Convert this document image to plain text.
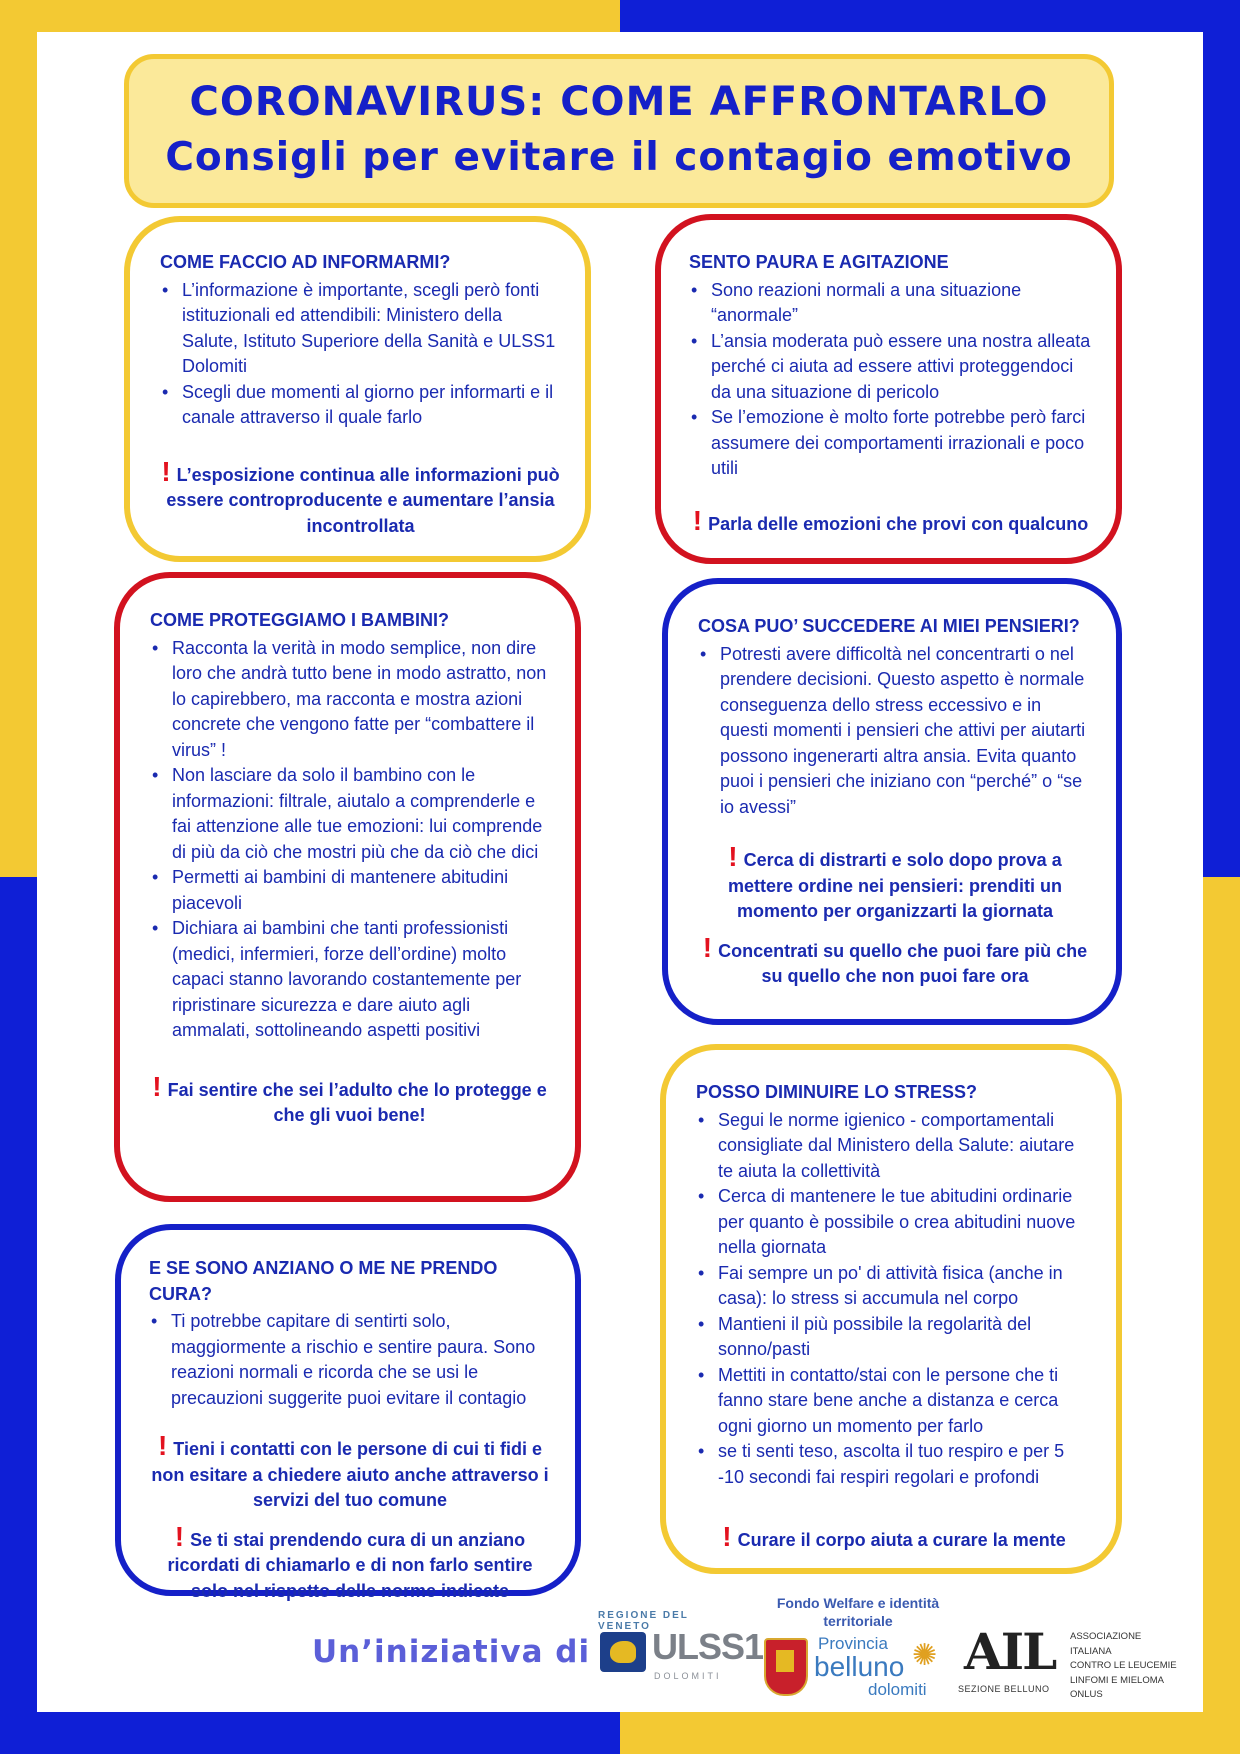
CORONAVIRUS: COME AFFRONTARLO
Consigli per evitare il contagio emotivo
COME FACCIO AD INFORMARMI?
• L’informazione è importante, scegli però fonti istituzionali ed attendibili: Ministero della Salute, Istituto Superiore della Sanità e ULSS1 Dolomiti
• Scegli due momenti al giorno per informarti e il canale attraverso il quale farlo
! L’esposizione continua alle informazioni può essere controproducente e aumentare l’ansia incontrollata
SENTO PAURA E AGITAZIONE
• Sono reazioni normali a una situazione “anormale”
• L’ansia moderata può essere una nostra alleata perché ci aiuta ad essere attivi proteggendoci da una situazione di pericolo
• Se l’emozione è molto forte potrebbe però farci assumere dei comportamenti irrazionali e poco utili
! Parla delle emozioni che provi con qualcuno
COME PROTEGGIAMO I BAMBINI?
• Racconta la verità in modo semplice, non dire loro che andrà tutto bene in modo astratto, non lo capirebbero, ma racconta e mostra azioni concrete che vengono fatte per “combattere il virus” !
• Non lasciare da solo il bambino con le informazioni: filtrale, aiutalo a comprenderle e fai attenzione alle tue emozioni: lui comprende di più da ciò che mostri più che da ciò che dici
• Permetti ai bambini di mantenere abitudini piacevoli
• Dichiara ai bambini che tanti professionisti (medici, infermieri, forze dell’ordine) molto capaci stanno lavorando costantemente per ripristinare sicurezza e dare aiuto agli ammalati, sottolineando aspetti positivi
! Fai sentire che sei l’adulto che lo protegge e che gli vuoi bene!
COSA PUO’ SUCCEDERE AI MIEI PENSIERI?
• Potresti avere difficoltà nel concentrarti o nel prendere decisioni. Questo aspetto è normale conseguenza dello stress eccessivo e in questi momenti i pensieri che attivi per aiutarti possono ingenerarti altra ansia. Evita quanto puoi i pensieri che iniziano con “perché” o “se io avessi”
! Cerca di distrarti e solo dopo prova a mettere ordine nei pensieri: prenditi un momento per organizzarti la giornata
! Concentrati su quello che puoi fare più che su quello che non puoi fare ora
E SE SONO ANZIANO O ME NE PRENDO CURA?
• Ti potrebbe capitare di sentirti solo, maggiormente a rischio e sentire paura. Sono reazioni normali e ricorda che se usi le precauzioni suggerite puoi evitare il contagio
! Tieni i contatti con le persone di cui ti fidi e non esitare a chiedere aiuto anche attraverso i servizi del tuo comune
! Se ti stai prendendo cura di un anziano ricordati di chiamarlo e di non farlo sentire solo nel rispetto delle norme indicate
POSSO DIMINUIRE LO STRESS?
• Segui le norme igienico - comportamentali consigliate dal Ministero della Salute: aiutare te aiuta la collettività
• Cerca di mantenere le tue abitudini ordinarie per quanto è possibile o crea abitudini nuove nella giornata
• Fai sempre un po' di attività fisica (anche in casa): lo stress si accumula nel corpo
• Mantieni il più possibile la regolarità del sonno/pasti
• Mettiti in contatto/stai con le persone che ti fanno stare bene anche a distanza e cerca ogni giorno un momento per farlo
• se ti senti teso, ascolta il tuo respiro e per 5 -10 secondi fai respiri regolari e profondi
! Curare il corpo aiuta a curare la mente
Un’iniziativa di
REGIONE DEL VENETO ULSS1
DOLOMITI
Fondo Welfare e identità territoriale
Provincia
belluno
dolomiti
✺ AIL
SEZIONE BELLUNO
ASSOCIAZIONE
ITALIANA
CONTRO LE LEUCEMIE
LINFOMI E MIELOMA
ONLUS
